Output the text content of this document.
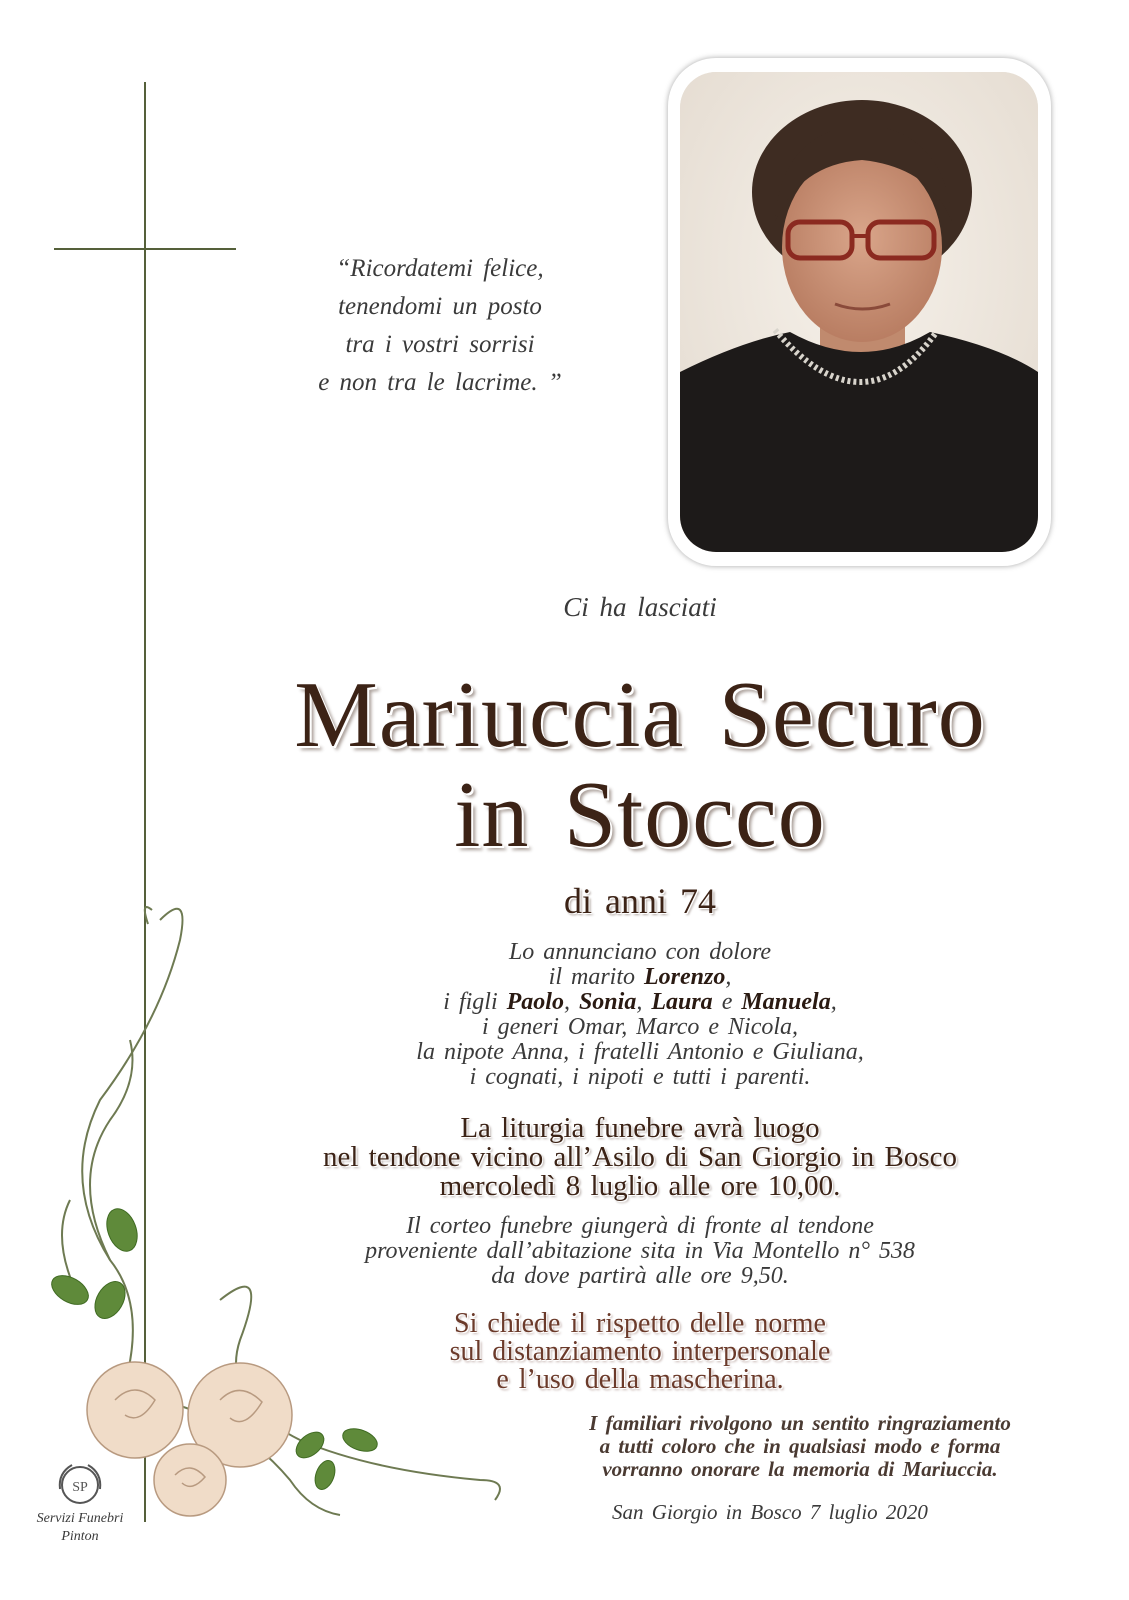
“Ricordatemi felice,
tenendomi un posto
tra i vostri sorrisi
e non tra le lacrime. ”
Ci ha lasciati
Mariuccia Securo
in Stocco
di anni 74
Lo annunciano con dolore
il marito Lorenzo,
i figli Paolo, Sonia, Laura e Manuela,
i generi Omar, Marco e Nicola,
la nipote Anna, i fratelli Antonio e Giuliana,
i cognati, i nipoti e tutti i parenti.
La liturgia funebre avrà luogo
nel tendone vicino all’Asilo di San Giorgio in Bosco
mercoledì 8 luglio alle ore 10,00.
Il corteo funebre giungerà di fronte al tendone
proveniente dall’abitazione sita in Via Montello n° 538
da dove partirà alle ore 9,50.
Si chiede il rispetto delle norme
sul distanziamento interpersonale
e l’uso della mascherina.
I familiari rivolgono un sentito ringraziamento
a tutti coloro che in qualsiasi modo e forma
vorranno onorare la memoria di Mariuccia.
San Giorgio in Bosco 7 luglio 2020
SP
Servizi Funebri
Pinton
